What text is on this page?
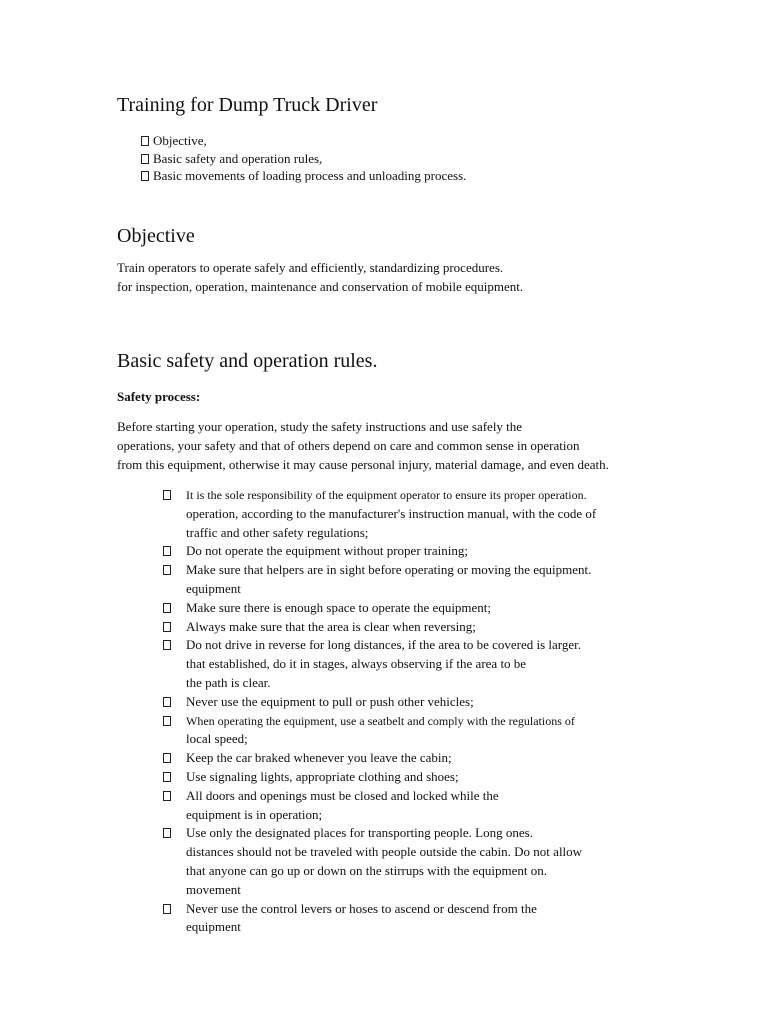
Training for Dump Truck Driver
Objective,
Basic safety and operation rules,
Basic movements of loading process and unloading process.
Objective
Train operators to operate safely and efficiently, standardizing procedures.
for inspection, operation, maintenance and conservation of mobile equipment.
Basic safety and operation rules.
Safety process:
Before starting your operation, study the safety instructions and use safely the
operations, your safety and that of others depend on care and common sense in operation
from this equipment, otherwise it may cause personal injury, material damage, and even death.
It is the sole responsibility of the equipment operator to ensure its proper operation.
operation, according to the manufacturer's instruction manual, with the code of
traffic and other safety regulations;
Do not operate the equipment without proper training;
Make sure that helpers are in sight before operating or moving the equipment.
equipment
Make sure there is enough space to operate the equipment;
Always make sure that the area is clear when reversing;
Do not drive in reverse for long distances, if the area to be covered is larger.
that established, do it in stages, always observing if the area to be
the path is clear.
Never use the equipment to pull or push other vehicles;
When operating the equipment, use a seatbelt and comply with the regulations of
local speed;
Keep the car braked whenever you leave the cabin;
Use signaling lights, appropriate clothing and shoes;
All doors and openings must be closed and locked while the
equipment is in operation;
Use only the designated places for transporting people. Long ones.
distances should not be traveled with people outside the cabin. Do not allow
that anyone can go up or down on the stirrups with the equipment on.
movement
Never use the control levers or hoses to ascend or descend from the
equipment
